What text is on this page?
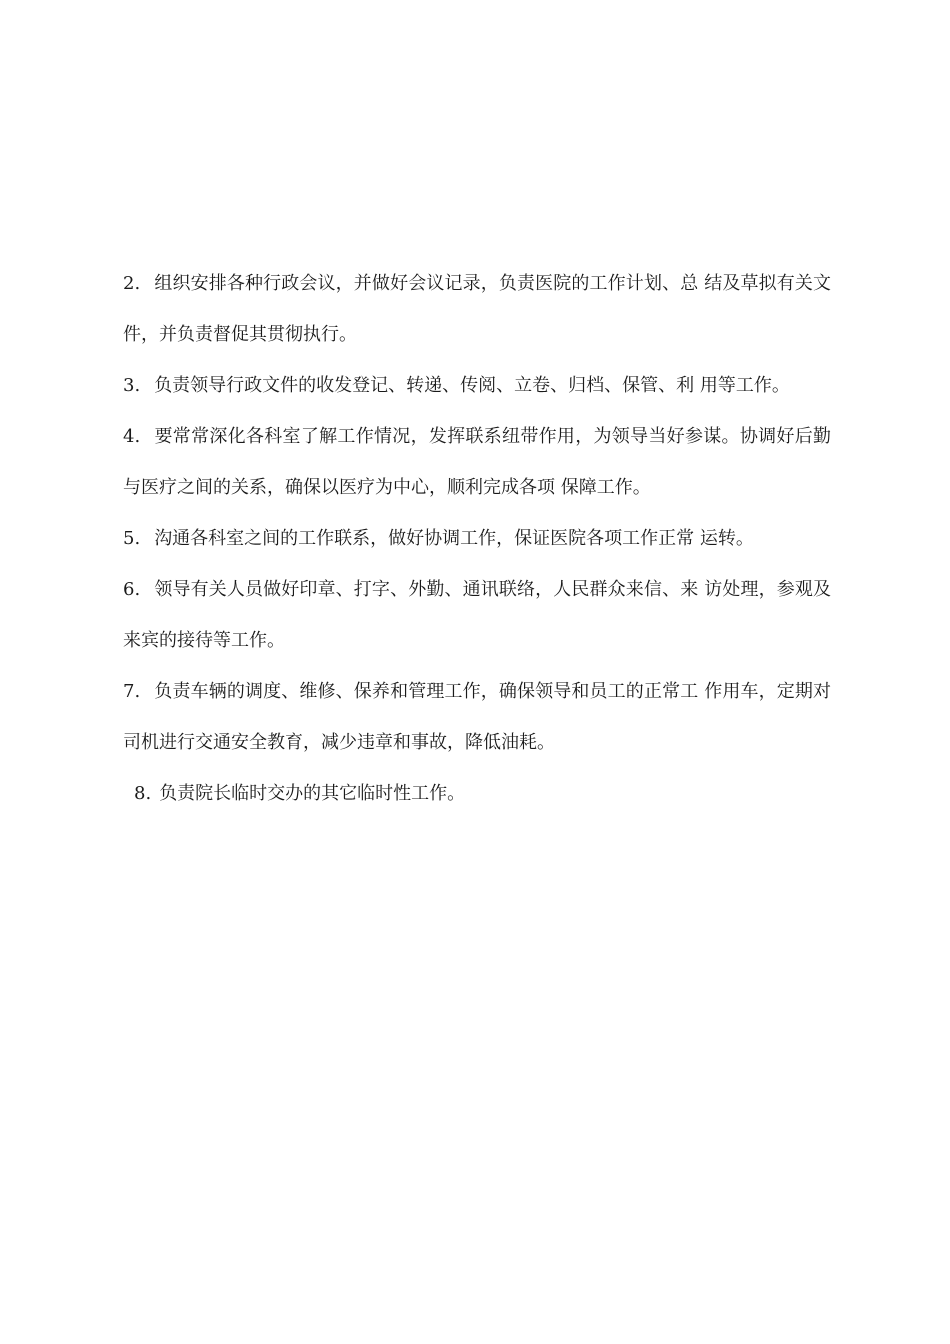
2. 组织安排各种行政会议，并做好会议记录，负责医院的工作计划、总 结及草拟有关文件，并负责督促其贯彻执行。

3. 负责领导行政文件的收发登记、转递、传阅、立卷、归档、保管、利 用等工作。

4. 要常常深化各科室了解工作情况，发挥联系纽带作用，为领导当好参谋。协调好后勤与医疗之间的关系，确保以医疗为中心，顺利完成各项 保障工作。

5. 沟通各科室之间的工作联系，做好协调工作，保证医院各项工作正常 运转。

6. 领导有关人员做好印章、打字、外勤、通讯联络，人民群众来信、来 访处理，参观及来宾的接待等工作。

7. 负责车辆的调度、维修、保养和管理工作，确保领导和员工的正常工 作用车，定期对司机进行交通安全教育，减少违章和事故，降低油耗。

8. 负责院长临时交办的其它临时性工作。
